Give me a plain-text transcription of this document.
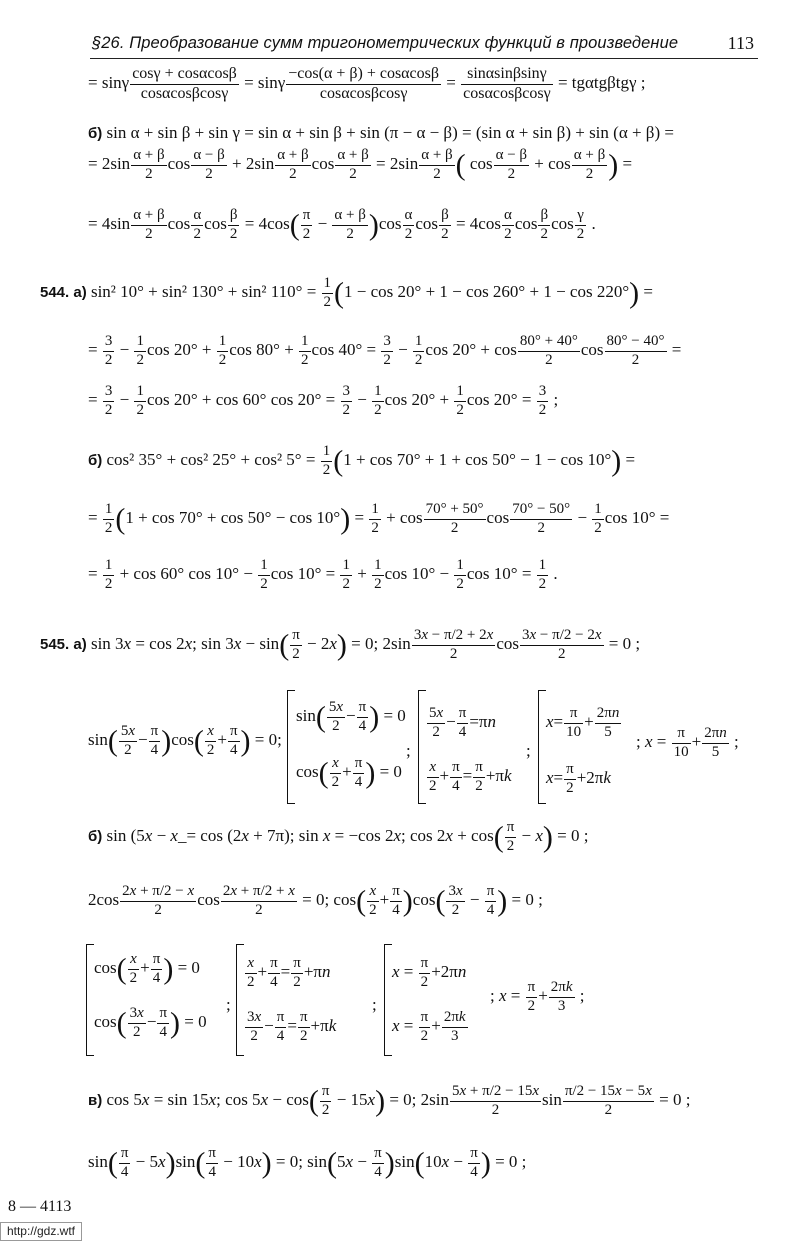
§26. Преобразование сумм тригонометрических функций в произведение	113
= sinγ $\frac{\cos\gamma + \cos\alpha\cos\beta}{\cos\alpha\cos\beta\cos\gamma} = \sin\gamma \frac{-\cos(\alpha + \beta) + \cos\alpha\cos\beta}{\cos\alpha\cos\beta\cos\gamma} = \frac{\sin\alpha\sin\beta\sin\gamma}{\cos\alpha\cos\beta\cos\gamma} = tg\alpha tg\beta tg\gamma$ ;
б) sin α + sin β + sin γ = sin α + sin β + sin (π − α − β) = (sin α + sin β) + sin (α + β) =
= $2\sin \frac{\alpha + \beta}{2}$ $\cos \frac{\alpha - \beta}{2} + 2\sin \frac{\alpha + \beta}{2}$ $\cos \frac{\alpha + \beta}{2} = 2\sin \frac{\alpha + \beta}{2}$ ( $\cos \frac{\alpha - \beta}{2} + \cos \frac{\alpha + \beta}{2}$ ) =
= $4\sin \frac{\alpha + \beta}{2}$ $\cos \frac{\alpha}{2}$ $\cos \frac{\beta}{2} = 4\cos( \frac{\pi}{2} - \frac{\alpha + \beta}{2} )\cos \frac{\alpha}{2}$ $\cos \frac{\beta}{2} = 4\cos \frac{\alpha}{2}$ $\cos \frac{\beta}{2}$ $\cos \frac{\gamma}{2}$ .
544. а) sin² 10° + sin² 130° + sin² $110^\circ = \frac{1}{2} (1 - \cos 20^\circ + 1 - \cos 260^\circ + 1 - \cos 220^\circ)$ =
= $\frac{3}{2} - \frac{1}{2}$ $\cos 20^\circ + \frac{1}{2}$ $\cos 80^\circ + \frac{1}{2}$ $\cos 40^\circ = \frac{3}{2} - \frac{1}{2}$ $\cos 20^\circ + \cos \frac{80^\circ + 40^\circ}{2}$ $\cos \frac{80^\circ - 40^\circ}{2}$ =
= $\frac{3}{2} - \frac{1}{2}$ cos 20° + cos 60° $\cos 20^\circ = \frac{3}{2} - \frac{1}{2}$ $\cos 20^\circ + \frac{1}{2}$ $\cos 20^\circ = \frac{3}{2}$ ;
б) cos² 35° + cos² 25° + cos² $5^\circ = \frac{1}{2} (1 + \cos 70^\circ + 1 + \cos 50^\circ - 1 - \cos 10^\circ)$ =
= $\frac{1}{2} (1 + \cos 70^\circ + \cos 50^\circ - \cos 10^\circ) = \frac{1}{2} + \cos \frac{70^\circ + 50^\circ}{2}$ $\cos \frac{70^\circ - 50^\circ}{2} - \frac{1}{2}$ cos 10° =
= $\frac{1}{2} + \cos 60^\circ$ $\cos 10^\circ - \frac{1}{2}$ $\cos 10^\circ = \frac{1}{2} + \frac{1}{2}$ $\cos 10^\circ - \frac{1}{2}$ $\cos 10^\circ = \frac{1}{2}$ .
545. а) sin 3x = cos 2x; $\sin 3x - \sin( \frac{\pi}{2} - 2x) = 0$; $2\sin \frac{3x - \pi/2 + 2x}{2}$ $\cos \frac{3x - \pi/2 - 2x}{2} = 0$ ;
$\sin( \frac{5x}{2} - \frac{\pi}{4} )\cos( \frac{x}{2} + \frac{\pi}{4}$ ) = 0;
$\sin( \frac{5x}{2} - \frac{\pi}{4}$ ) = 0
$\cos( \frac{x}{2} + \frac{\pi}{4}$ ) = 0
;
$\frac{5x}{2} - \frac{\pi}{4} =\pi n$
$\frac{x}{2} + \frac{\pi}{4} = \frac{\pi}{2} +\pi k$
;
$x= \frac{\pi}{10} + \frac{2\pi n}{5}$
$x= \frac{\pi}{2} +2\pi k$
; $x = \frac{\pi}{10} + \frac{2\pi n}{5}$ ;
б) sin (5x − x_= cos (2x + 7π); sin x = −cos 2x; $\cos 2x + \cos( \frac{\pi}{2} - x) = 0$ ;
$2\cos \frac{2x + \pi/2 - x}{2}$ $\cos \frac{2x + \pi/2 + x}{2} = 0$; $\cos( \frac{x}{2} + \frac{\pi}{4} )\cos( \frac{3x}{2} - \frac{\pi}{4}$ ) = 0 ;
$\cos( \frac{x}{2} + \frac{\pi}{4}$ ) = 0
$\cos( \frac{3x}{2} - \frac{\pi}{4}$ ) = 0
;
$\frac{x}{2} + \frac{\pi}{4} = \frac{\pi}{2} +\pi n$
$\frac{3x}{2} - \frac{\pi}{4} = \frac{\pi}{2} +\pi k$
;
$x = \frac{\pi}{2} +2\pi n$
$x = \frac{\pi}{2} + \frac{2\pi k}{3}$
; $x = \frac{\pi}{2} + \frac{2\pi k}{3}$ ;
в) cos 5x = sin 15x; $\cos 5x - \cos( \frac{\pi}{2} - 15x) = 0$; $2\sin \frac{5x + \pi/2 - 15x}{2}$ $\sin \frac{\pi/2 - 15x - 5x}{2} = 0$ ;
$\sin( \frac{\pi}{4} - 5x)\sin( \frac{\pi}{4} - 10x) = 0$; $\sin(5x - \frac{\pi}{4} )\sin(10x - \frac{\pi}{4}$ ) = 0 ;
8 — 4113
http://gdz.wtf
